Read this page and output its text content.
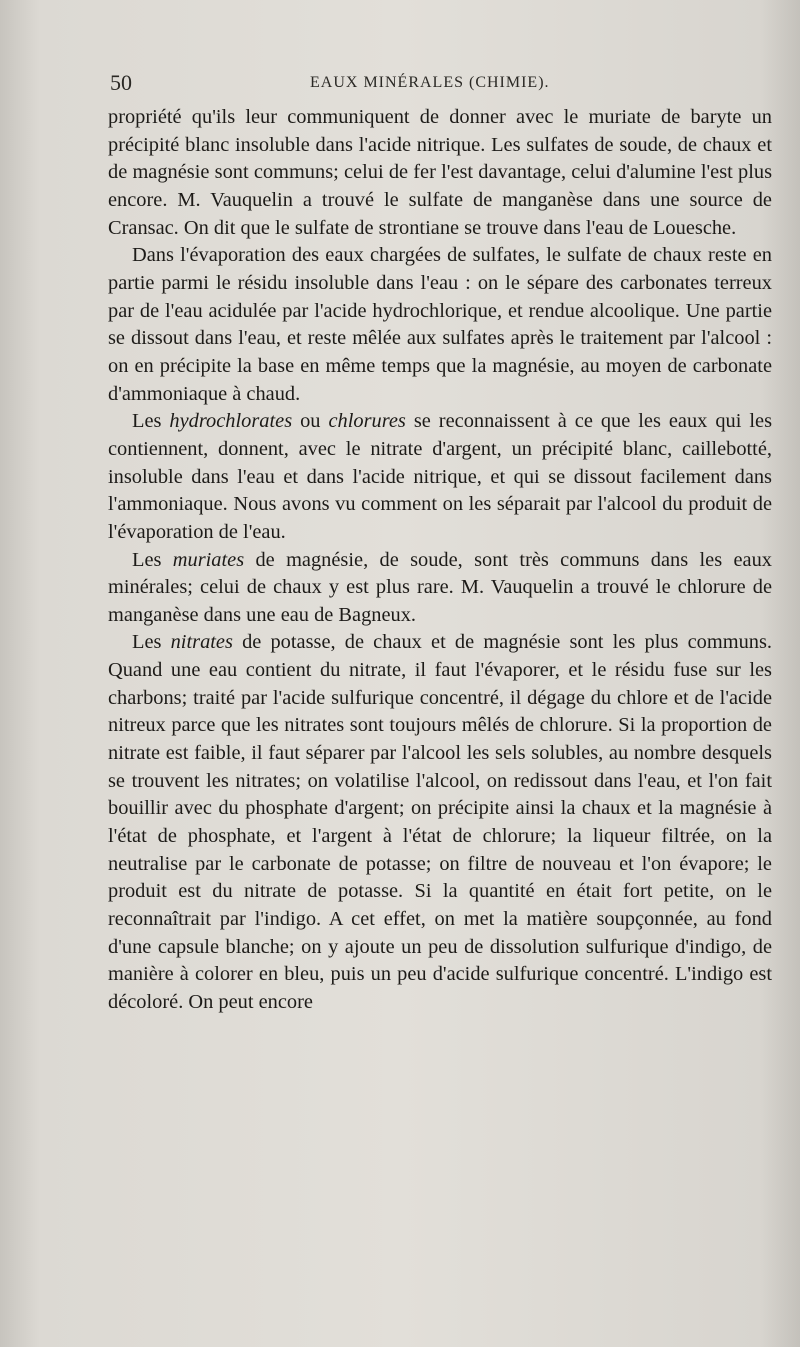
50	EAUX MINÉRALES (CHIMIE).

propriété qu'ils leur communiquent de donner avec le muriate de baryte un précipité blanc insoluble dans l'acide nitrique. Les sulfates de soude, de chaux et de magnésie sont communs; celui de fer l'est davantage, celui d'alumine l'est plus encore. M. Vauquelin a trouvé le sulfate de manganèse dans une source de Cransac. On dit que le sulfate de strontiane se trouve dans l'eau de Louesche.

Dans l'évaporation des eaux chargées de sulfates, le sulfate de chaux reste en partie parmi le résidu insoluble dans l'eau : on le sépare des carbonates terreux par de l'eau acidulée par l'acide hydrochlorique, et rendue alcoolique. Une partie se dissout dans l'eau, et reste mêlée aux sulfates après le traitement par l'alcool : on en précipite la base en même temps que la magnésie, au moyen de carbonate d'ammoniaque à chaud.

Les hydrochlorates ou chlorures se reconnaissent à ce que les eaux qui les contiennent, donnent, avec le nitrate d'argent, un précipité blanc, caillebotté, insoluble dans l'eau et dans l'acide nitrique, et qui se dissout facilement dans l'ammoniaque. Nous avons vu comment on les séparait par l'alcool du produit de l'évaporation de l'eau.

Les muriates de magnésie, de soude, sont très communs dans les eaux minérales; celui de chaux y est plus rare. M. Vauquelin a trouvé le chlorure de manganèse dans une eau de Bagneux.

Les nitrates de potasse, de chaux et de magnésie sont les plus communs. Quand une eau contient du nitrate, il faut l'évaporer, et le résidu fuse sur les charbons; traité par l'acide sulfurique concentré, il dégage du chlore et de l'acide nitreux parce que les nitrates sont toujours mêlés de chlorure. Si la proportion de nitrate est faible, il faut séparer par l'alcool les sels solubles, au nombre desquels se trouvent les nitrates; on volatilise l'alcool, on redissout dans l'eau, et l'on fait bouillir avec du phosphate d'argent; on précipite ainsi la chaux et la magnésie à l'état de phosphate, et l'argent à l'état de chlorure; la liqueur filtrée, on la neutralise par le carbonate de potasse; on filtre de nouveau et l'on évapore; le produit est du nitrate de potasse. Si la quantité en était fort petite, on le reconnaîtrait par l'indigo. A cet effet, on met la matière soupçonnée, au fond d'une capsule blanche; on y ajoute un peu de dissolution sulfurique d'indigo, de manière à colorer en bleu, puis un peu d'acide sulfurique concentré. L'indigo est décoloré. On peut encore
